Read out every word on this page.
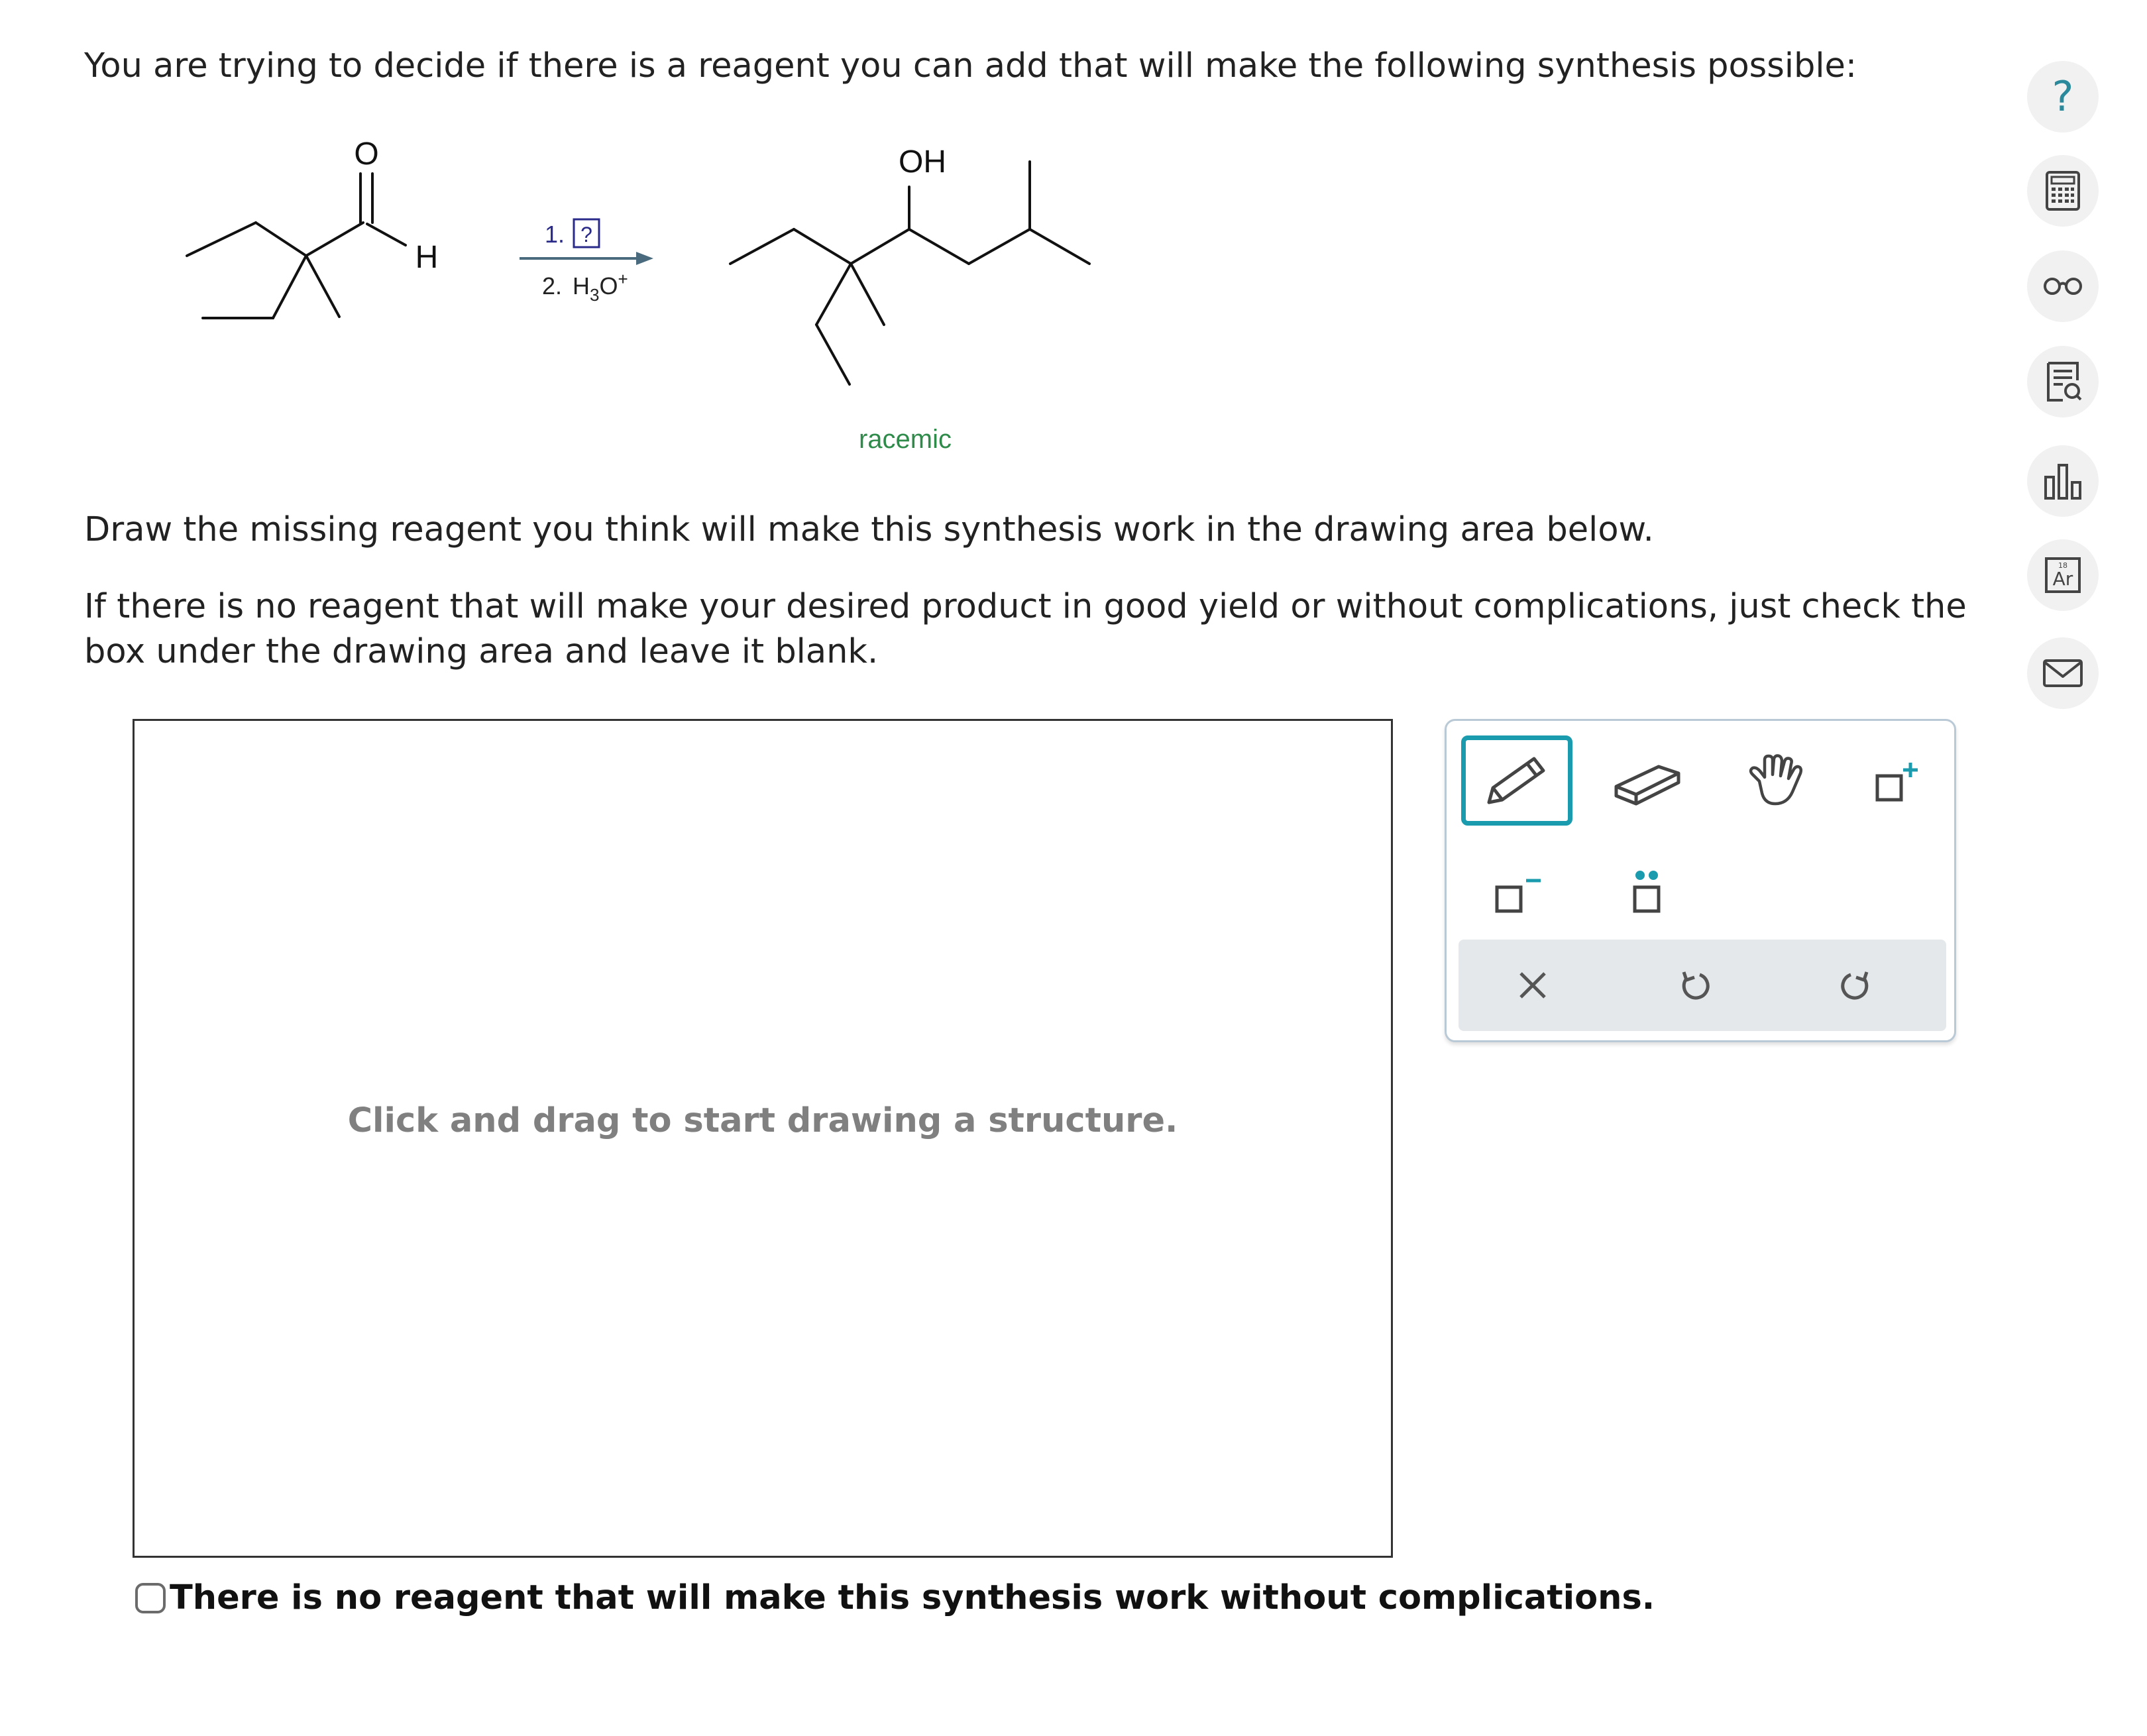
You are trying to decide if there is a reagent you can add that will make the following synthesis possible:
O
H
1. ?
2. $H_3O^+$
OH
racemic
Draw the missing reagent you think will make this synthesis work in the drawing area below.
If there is no reagent that will make your desired product in good yield or without complications, just check the box under the drawing area and leave it blank.
Click and drag to start drawing a structure.
There is no reagent that will make this synthesis work without complications.
?
18
Ar
